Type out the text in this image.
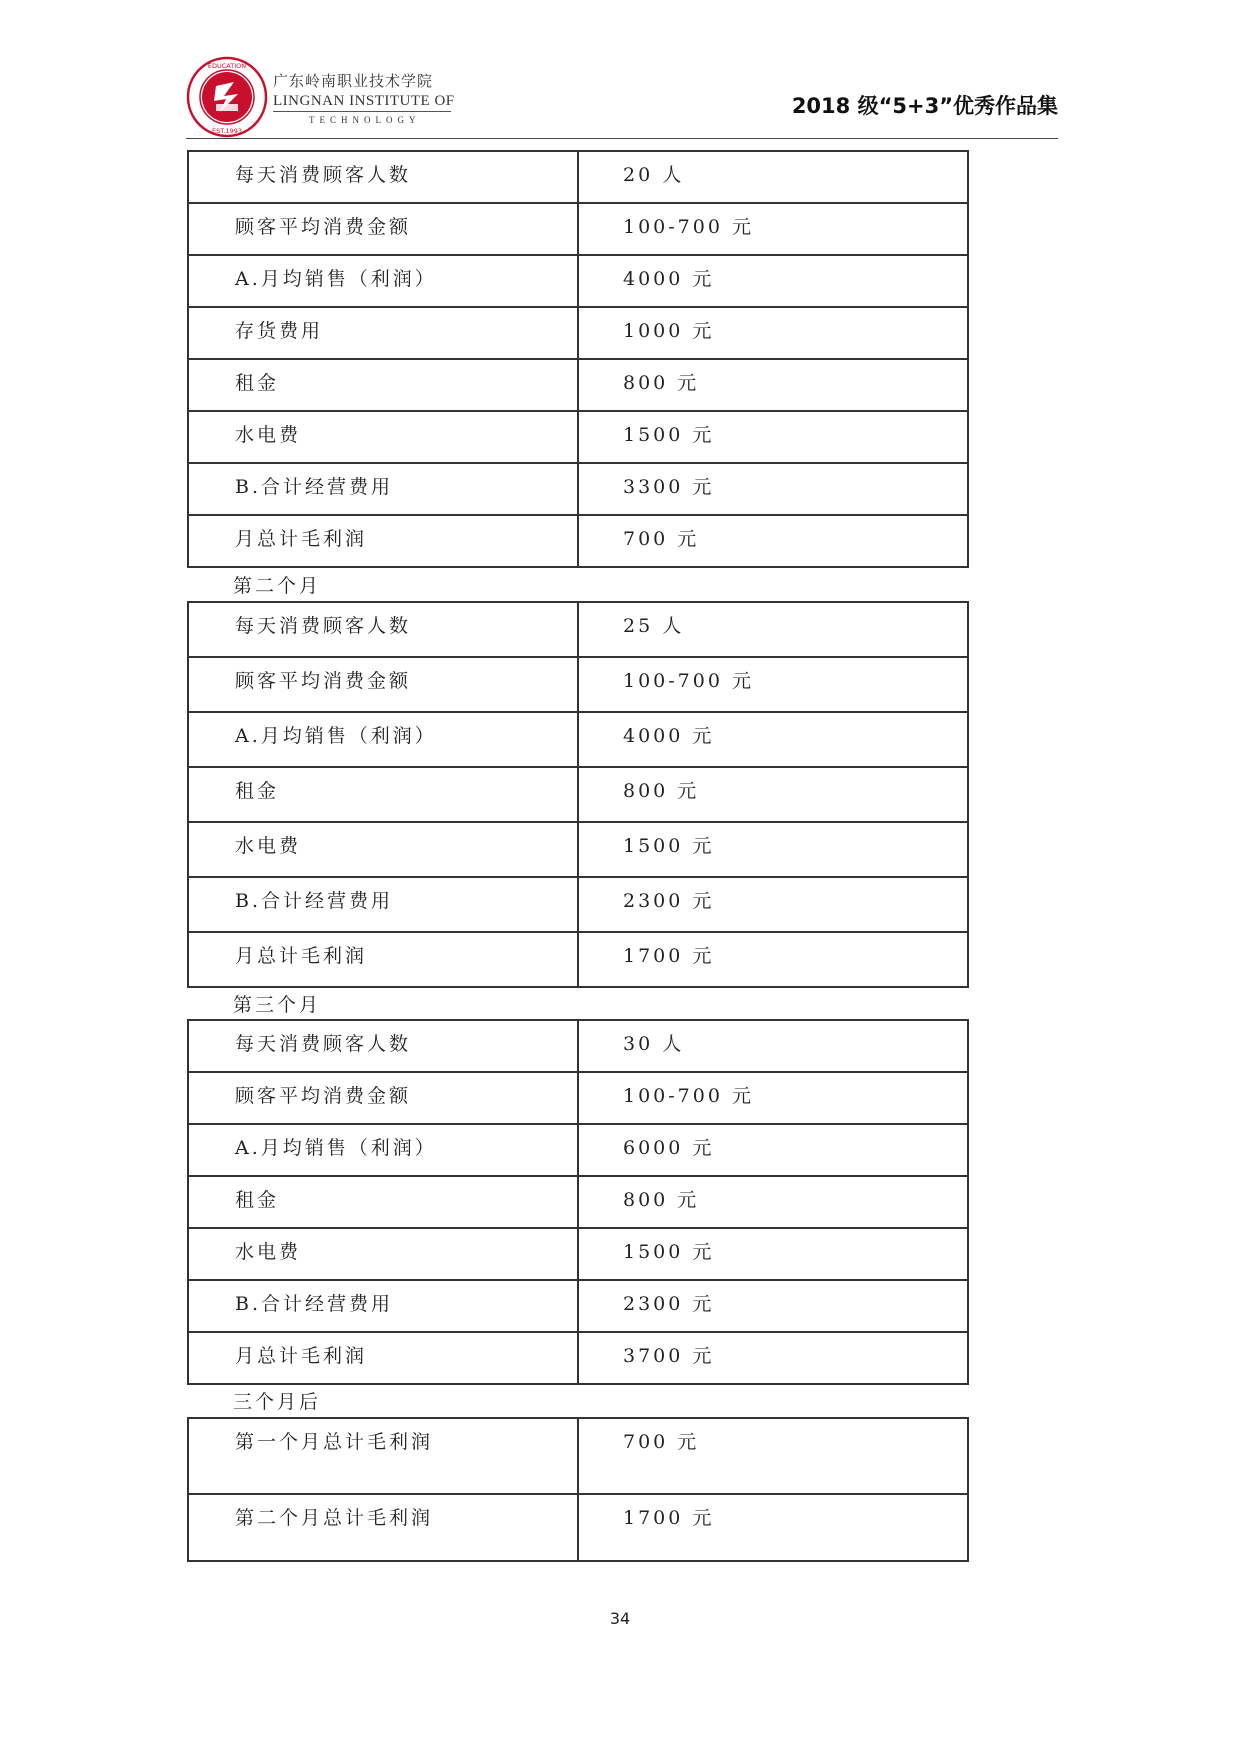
EDUCATION
EST.1993
广东岭南职业技术学院
LINGNAN INSTITUTE OF
TECHNOLOGY
2018 级“5+3”优秀作品集
每天消费顾客人数	20 人
顾客平均消费金额	100-700 元
A.月均销售（利润）	4000 元
存货费用	1000 元
租金	800 元
水电费	1500 元
B.合计经营费用	3300 元
月总计毛利润	700 元
第二个月
每天消费顾客人数	25 人
顾客平均消费金额	100-700 元
A.月均销售（利润）	4000 元
租金	800 元
水电费	1500 元
B.合计经营费用	2300 元
月总计毛利润	1700 元
第三个月
每天消费顾客人数	30 人
顾客平均消费金额	100-700 元
A.月均销售（利润）	6000 元
租金	800 元
水电费	1500 元
B.合计经营费用	2300 元
月总计毛利润	3700 元
三个月后
第一个月总计毛利润	700 元
第二个月总计毛利润	1700 元
34
